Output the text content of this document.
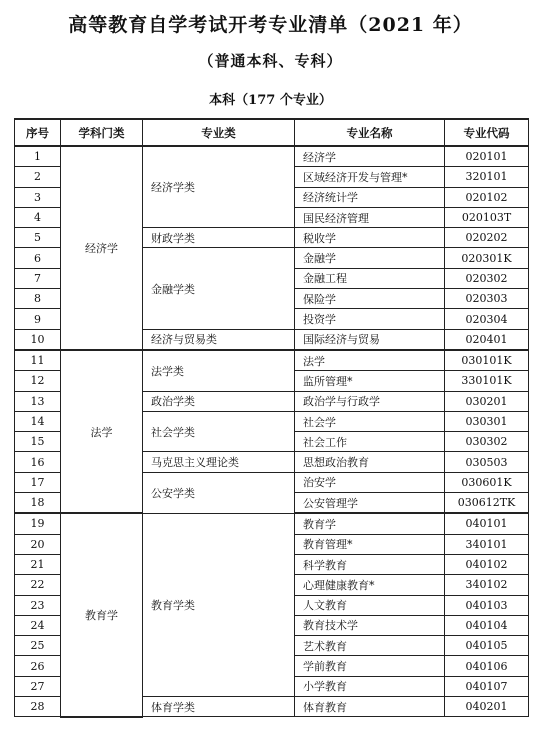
高等教育自学考试开考专业清单（2021 年）
（普通本科、专科）
本科（177 个专业）
序号	学科门类	专业类	专业名称	专业代码
1	经济学	经济学类	经济学	020101
2			区域经济开发与管理*	320101
3			经济统计学	020102
4			国民经济管理	020103T
5		财政学类	税收学	020202
6		金融学类	金融学	020301K
7			金融工程	020302
8			保险学	020303
9			投资学	020304
10		经济与贸易类	国际经济与贸易	020401
11	法学	法学类	法学	030101K
12			监所管理*	330101K
13		政治学类	政治学与行政学	030201
14		社会学类	社会学	030301
15			社会工作	030302
16		马克思主义理论类	思想政治教育	030503
17		公安学类	治安学	030601K
18			公安管理学	030612TK
19	教育学	教育学类	教育学	040101
20			教育管理*	340101
21			科学教育	040102
22			心理健康教育*	340102
23			人文教育	040103
24			教育技术学	040104
25			艺术教育	040105
26			学前教育	040106
27			小学教育	040107
28		体育学类	体育教育	040201
